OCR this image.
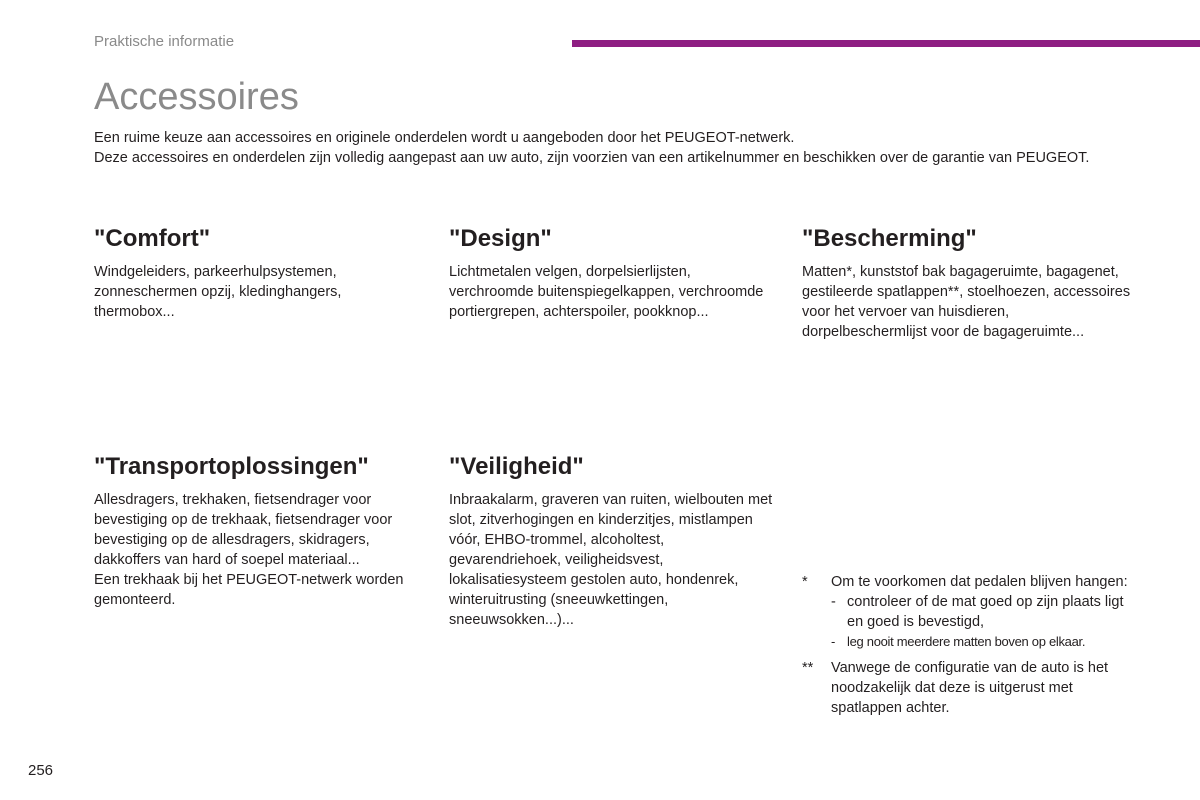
Praktische informatie
Accessoires

Een ruime keuze aan accessoires en originele onderdelen wordt u aangeboden door het PEUGEOT-netwerk.

Deze accessoires en onderdelen zijn volledig aangepast aan uw auto, zijn voorzien van een artikelnummer en beschikken over de garantie van PEUGEOT.

"Comfort"

Windgeleiders, parkeerhulpsystemen, zonneschermen opzij, kledinghangers, thermobox...

"Design"

Lichtmetalen velgen, dorpelsierlijsten, verchroomde buitenspiegelkappen, verchroomde portiergrepen, achterspoiler, pookknop...

"Bescherming"

Matten*, kunststof bak bagageruimte, bagagenet, gestileerde spatlappen**, stoelhoezen, accessoires voor het vervoer van huisdieren, dorpelbeschermlijst voor de bagageruimte...

"Transportoplossingen"

Allesdragers, trekhaken, fietsendrager voor bevestiging op de trekhaak, fietsendrager voor bevestiging op de allesdragers, skidragers, dakkoffers van hard of soepel materiaal...

Een trekhaak bij het PEUGEOT-netwerk worden gemonteerd.

"Veiligheid"

Inbraakalarm, graveren van ruiten, wielbouten met slot, zitverhogingen en kinderzitjes, mistlampen vóór, EHBO-trommel, alcoholtest, gevarendriehoek, veiligheidsvest, lokalisatiesysteem gestolen auto, hondenrek, winteruitrusting (sneeuwkettingen, sneeuwsokken...)...

*	Om te voorkomen dat pedalen blijven hangen:
- controleer of de mat goed op zijn plaats ligt en goed is bevestigd,
- leg nooit meerdere matten boven op elkaar.
**	Vanwege de configuratie van de auto is het noodzakelijk dat deze is uitgerust met spatlappen achter.
256
